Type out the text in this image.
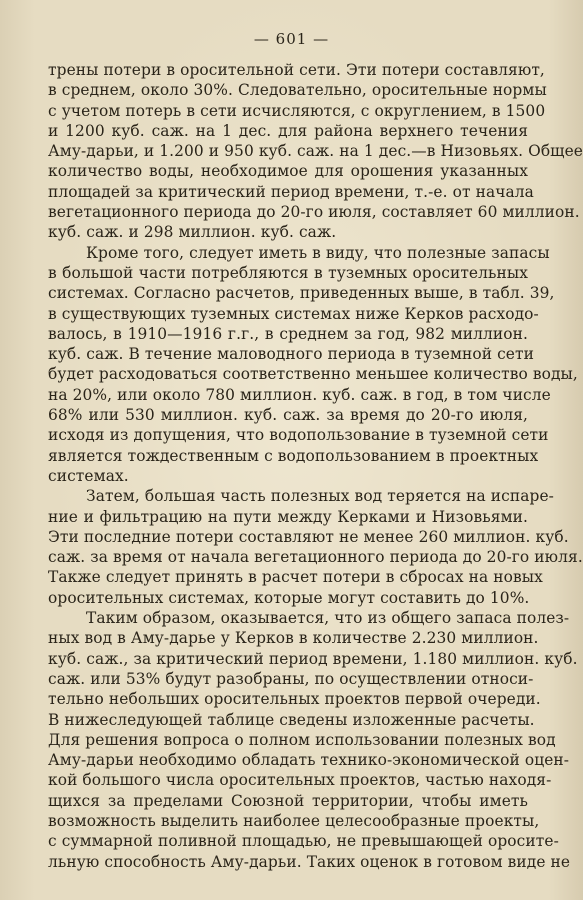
— 601 —
трены потери в оросительной сети. Эти потери составляют,
в среднем, около 30%. Следовательно, оросительные нормы
с учетом потерь в сети исчисляются, с округлением, в 1500
и 1200 куб. саж. на 1 дес. для района верхнего течения
Аму-дарьи, и 1.200 и 950 куб. саж. на 1 дес.—в Низовьях. Общее
количество воды, необходимое для орошения указанных
площадей за критический период времени, т.-е. от начала
вегетационного периода до 20-го июля, составляет 60 миллион.
куб. саж. и 298 миллион. куб. саж.
Кроме того, следует иметь в виду, что полезные запасы
в большой части потребляются в туземных оросительных
системах. Согласно расчетов, приведенных выше, в табл. 39,
в существующих туземных системах ниже Керков расходо-
валось, в 1910—1916 г.г., в среднем за год, 982 миллион.
куб. саж. В течение маловодного периода в туземной сети
будет расходоваться соответственно меньшее количество воды,
на 20%, или около 780 миллион. куб. саж. в год, в том числе
68% или 530 миллион. куб. саж. за время до 20-го июля,
исходя из допущения, что водопользование в туземной сети
является тождественным с водопользованием в проектных
системах.
Затем, большая часть полезных вод теряется на испаре-
ние и фильтрацию на пути между Керками и Низовьями.
Эти последние потери составляют не менее 260 миллион. куб.
саж. за время от начала вегетационного периода до 20-го июля.
Также следует принять в расчет потери в сбросах на новых
оросительных системах, которые могут составить до 10%.
Таким образом, оказывается, что из общего запаса полез-
ных вод в Аму-дарье у Керков в количестве 2.230 миллион.
куб. саж., за критический период времени, 1.180 миллион. куб.
саж. или 53% будут разобраны, по осуществлении относи-
тельно небольших оросительных проектов первой очереди.
В нижеследующей таблице сведены изложенные расчеты.
Для решения вопроса о полном использовании полезных вод
Аму-дарьи необходимо обладать технико-экономической оцен-
кой большого числа оросительных проектов, частью находя-
щихся за пределами Союзной территории, чтобы иметь
возможность выделить наиболее целесообразные проекты,
с суммарной поливной площадью, не превышающей оросите-
льную способность Аму-дарьи. Таких оценок в готовом виде не
